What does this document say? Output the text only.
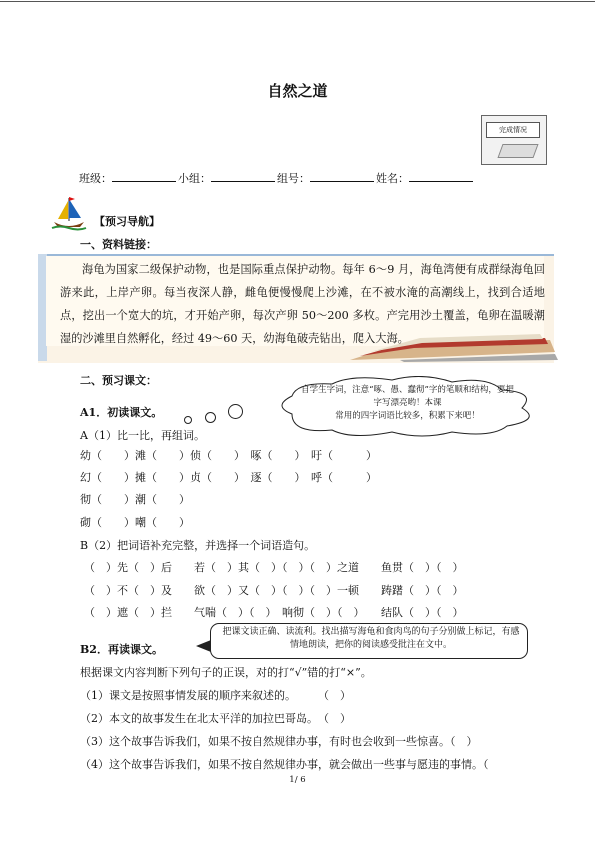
自然之道
完成情况
班级：	小组：	组号：	姓名：
【预习导航】
一、资料链接：
海龟为国家二级保护动物，也是国际重点保护动物。每年 6～9 月，海龟湾便有成群绿海龟回游来此，上岸产卵。每当夜深人静，雌龟便慢慢爬上沙滩，在不被水淹的高潮线上，找到合适地点，挖出一个宽大的坑，才开始产卵，每次产卵 50～200 多枚。产完用沙土覆盖，龟卵在温暖潮湿的沙滩里自然孵化，经过 49～60 天，幼海龟破壳钻出，爬入大海。
二、预习课文：
自学生字词，注意“啄、愚、蠢彻”字的笔顺和结构，要把字写漂亮哟！本课
常用的四字词语比较多，积累下来吧！
A1．初读课文。
A（1）比一比，再组词。
幼（　　）滩（　　）侦（　　）　啄（　　）　吁（　　　）
幻（　　）摊（　　）贞（　　）　逐（　　）　呼（　　　）
彻（　　）潮（　　）
砌（　　）嘲（　　）
B（2）把词语补充完整，并选择一个词语造句。
（　）先（　）后　　若（　）其（　）（　）（　）之道　　鱼贯（　）（　）
（　）不（　）及　　欲（　）又（　）（　）（　）一顿　　踌躇（　）（　）
（　）遮（　）拦　　气喘（　）（　）　响彻（　）（　）　　结队（　）（　）
B2．再读课文。
把课文读正确、读流利。找出描写海龟和食肉鸟的句子分别做上标记，有感情地朗读，把你的阅读感受批注在文中。
根据课文内容判断下列句子的正误，对的打“√”错的打“×”。
（1）课文是按照事情发展的顺序来叙述的。　　　（　）
（2）本文的故事发生在北太平洋的加拉巴哥岛。　（　）
（3）这个故事告诉我们，如果不按自然规律办事，有时也会收到一些惊喜。（　）
（4）这个故事告诉我们，如果不按自然规律办事，就会做出一些事与愿违的事情。（
1/ 6
